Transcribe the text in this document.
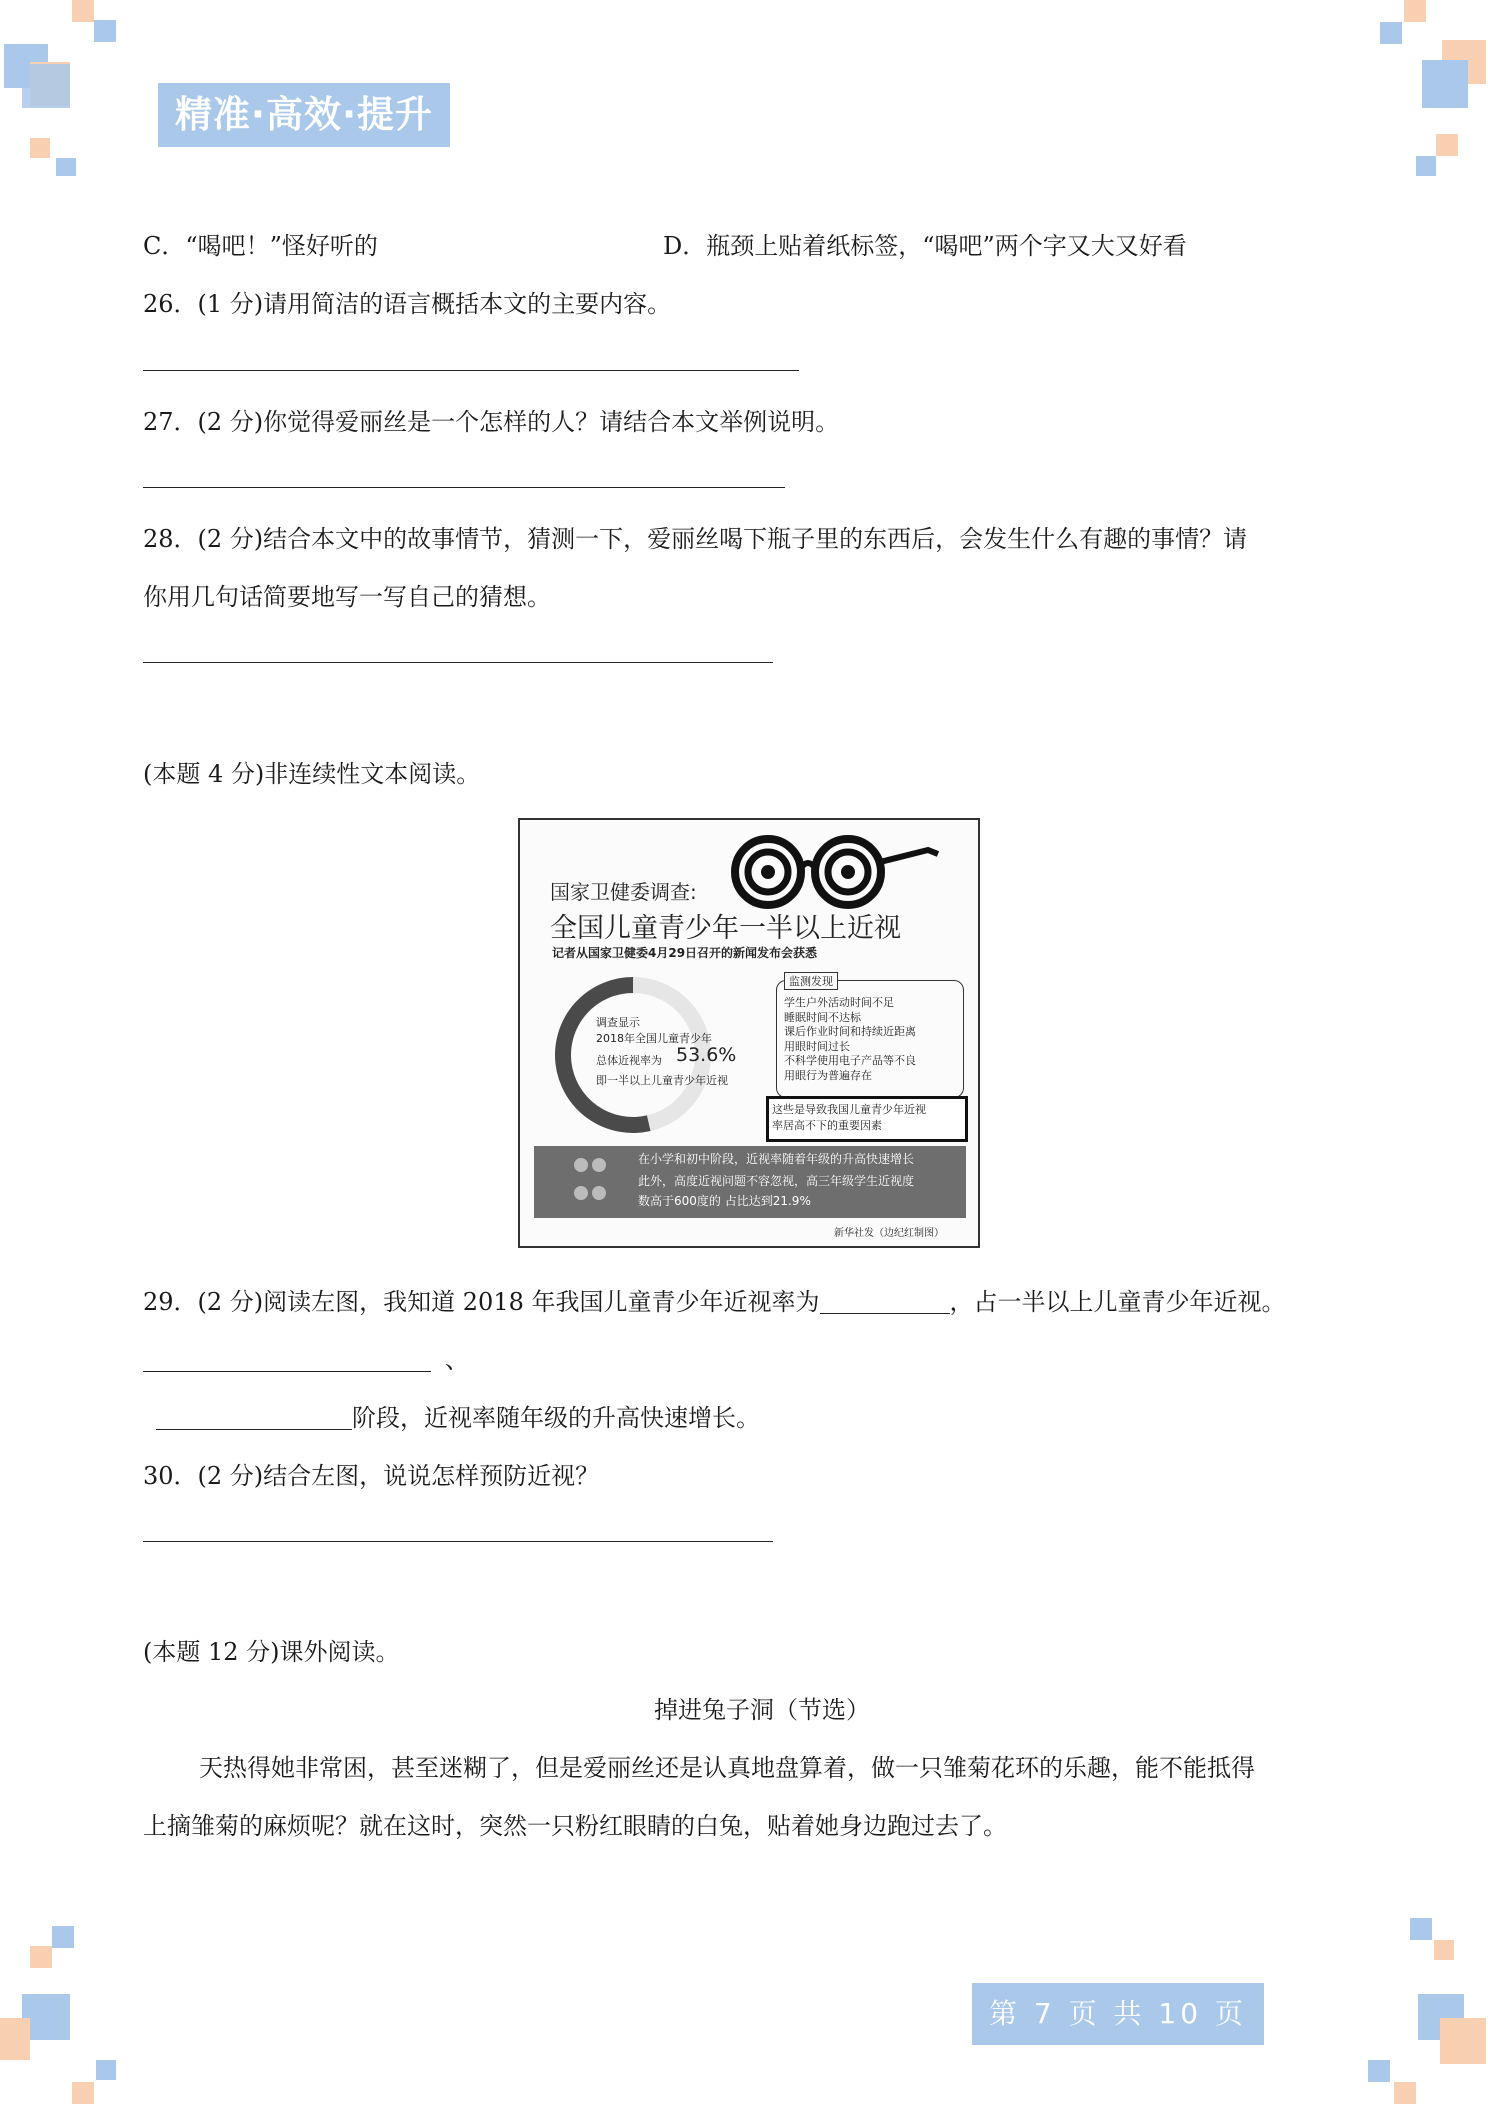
精准·高效·提升
C．“喝吧！”怪好听的	D．瓶颈上贴着纸标签，“喝吧”两个字又大又好看
26．(1 分)请用简洁的语言概括本文的主要内容。
27．(2 分)你觉得爱丽丝是一个怎样的人？请结合本文举例说明。
28．(2 分)结合本文中的故事情节，猜测一下，爱丽丝喝下瓶子里的东西后，会发生什么有趣的事情？请
你用几句话简要地写一写自己的猜想。
(本题 4 分)非连续性文本阅读。
国家卫健委调查:
全国儿童青少年一半以上近视
记者从国家卫健委4月29日召开的新闻发布会获悉
调查显示
2018年全国儿童青少年
总体近视率为 53.6%
即一半以上儿童青少年近视
监测发现
学生户外活动时间不足
睡眠时间不达标
课后作业时间和持续近距离
用眼时间过长
不科学使用电子产品等不良
用眼行为普遍存在
这些是导致我国儿童青少年近视
率居高不下的重要因素
在小学和初中阶段，近视率随着年级的升高快速增长
此外，高度近视问题不容忽视，高三年级学生近视度
数高于600度的 占比达到21.9%
新华社发（边纪红制图）
29．(2 分)阅读左图，我知道 2018 年我国儿童青少年近视率为	，占一半以上儿童青少年近视。
、
阶段，近视率随年级的升高快速增长。
30．(2 分)结合左图，说说怎样预防近视？
(本题 12 分)课外阅读。
掉进兔子洞（节选）
天热得她非常困，甚至迷糊了，但是爱丽丝还是认真地盘算着，做一只雏菊花环的乐趣，能不能抵得
上摘雏菊的麻烦呢？就在这时，突然一只粉红眼睛的白兔，贴着她身边跑过去了。
第 7 页 共 10 页
